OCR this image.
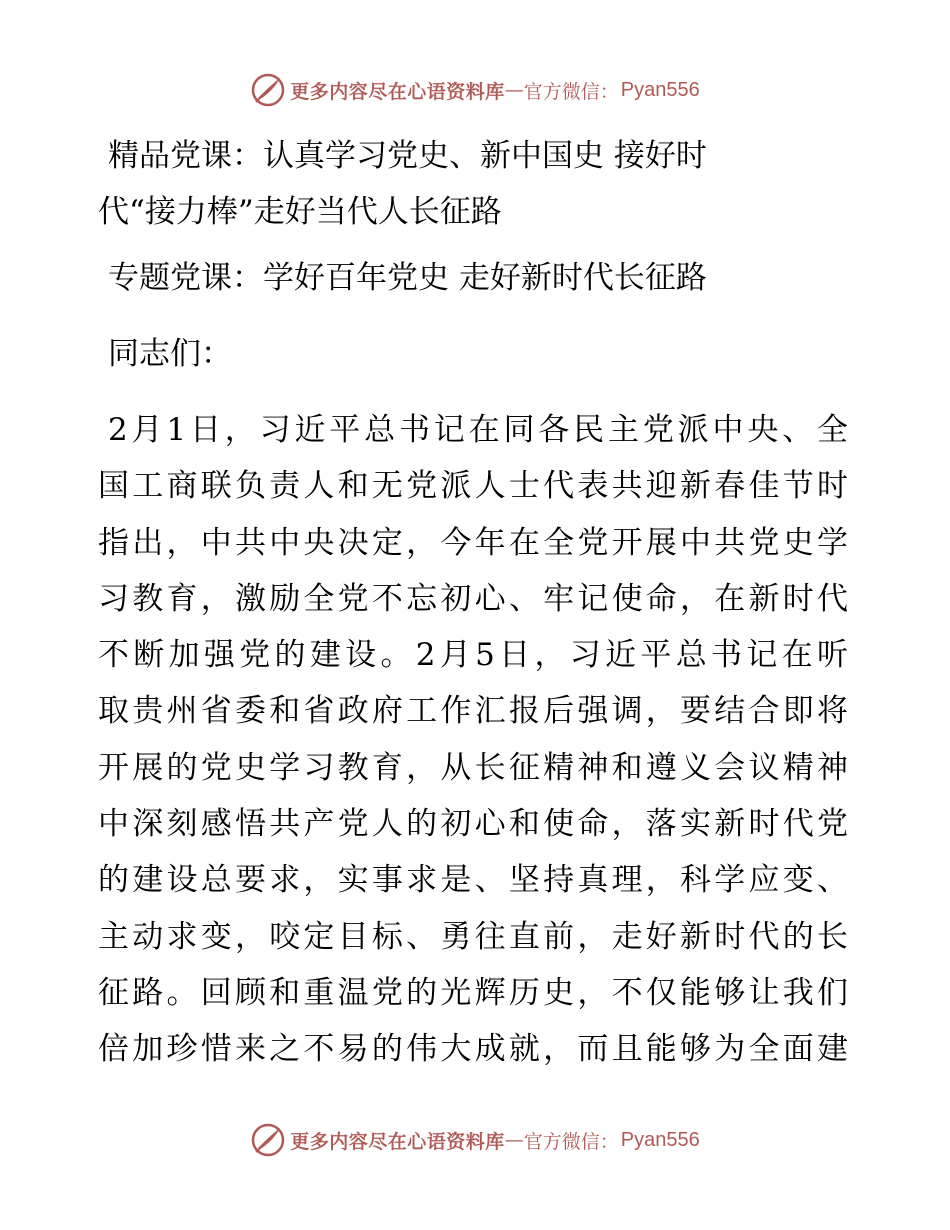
更多内容尽在心语资料库 — 官方微信： Pyan556
精品党课：认真学习党史、新中国史 接好时
代“接力棒”走好当代人长征路

专题党课：学好百年党史 走好新时代长征路

同志们：

2月1日，习近平总书记在同各民主党派中央、全
国工商联负责人和无党派人士代表共迎新春佳节时
指出，中共中央决定，今年在全党开展中共党史学
习教育，激励全党不忘初心、牢记使命，在新时代
不断加强党的建设。2月5日，习近平总书记在听
取贵州省委和省政府工作汇报后强调，要结合即将
开展的党史学习教育，从长征精神和遵义会议精神
中深刻感悟共产党人的初心和使命，落实新时代党
的建设总要求，实事求是、坚持真理，科学应变、
主动求变，咬定目标、勇往直前，走好新时代的长
征路。回顾和重温党的光辉历史，不仅能够让我们
倍加珍惜来之不易的伟大成就，而且能够为全面建
更多内容尽在心语资料库 — 官方微信： Pyan556
